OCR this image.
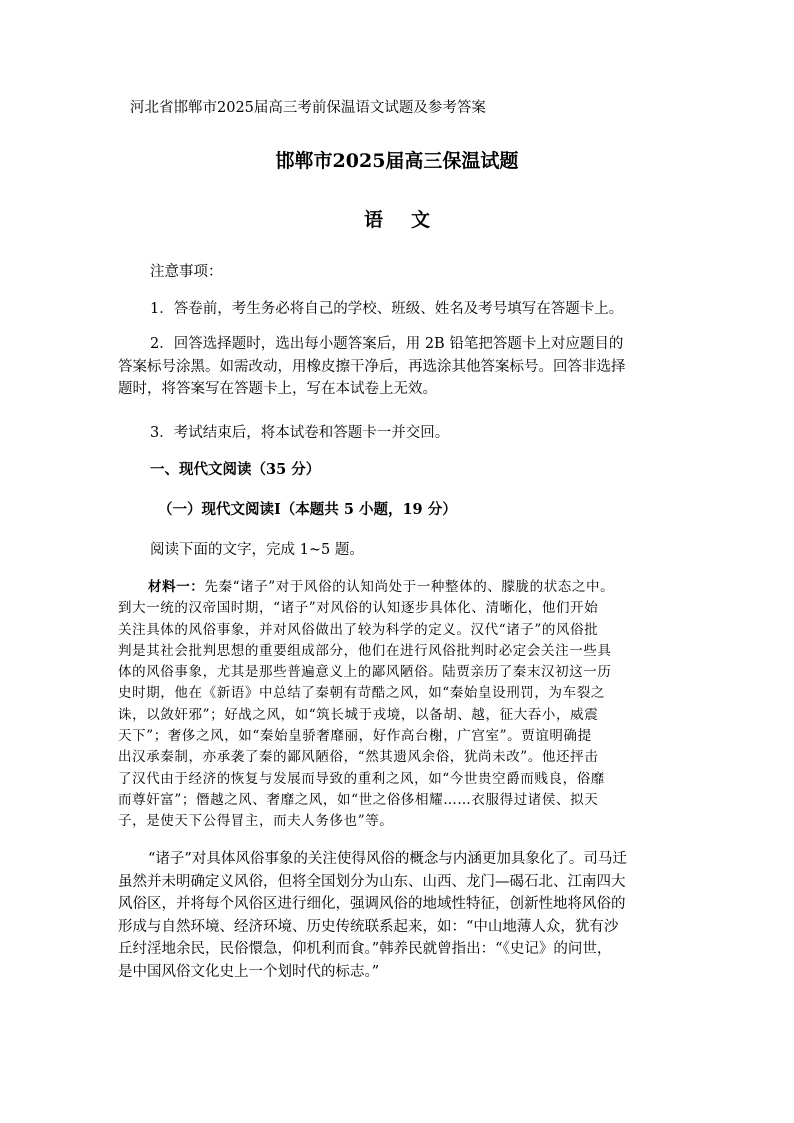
河北省邯郸市2025届高三考前保温语文试题及参考答案

邯郸市2025届高三保温试题

语文

注意事项：

1．答卷前，考生务必将自己的学校、班级、姓名及考号填写在答题卡上。

2．回答选择题时，选出每小题答案后，用 2B 铅笔把答题卡上对应题目的
答案标号涂黑。如需改动，用橡皮擦干净后，再选涂其他答案标号。回答非选择
题时，将答案写在答题卡上，写在本试卷上无效。

3．考试结束后，将本试卷和答题卡一并交回。

一、现代文阅读（35 分）

（一）现代文阅读Ⅰ（本题共 5 小题，19 分）

阅读下面的文字，完成 1~5 题。

材料一：先秦“诸子”对于风俗的认知尚处于一种整体的、朦胧的状态之中。
到大一统的汉帝国时期，“诸子”对风俗的认知逐步具体化、清晰化，他们开始
关注具体的风俗事象，并对风俗做出了较为科学的定义。汉代“诸子”的风俗批
判是其社会批判思想的重要组成部分，他们在进行风俗批判时必定会关注一些具
体的风俗事象，尤其是那些普遍意义上的鄙风陋俗。陆贾亲历了秦末汉初这一历
史时期，他在《新语》中总结了秦朝有苛酷之风，如“秦始皇设刑罚，为车裂之
诛，以敛奸邪”；好战之风，如“筑长城于戎境，以备胡、越，征大吞小，威震
天下”；奢侈之风，如“秦始皇骄奢靡丽，好作高台榭，广宫室”。贾谊明确提
出汉承秦制，亦承袭了秦的鄙风陋俗，“然其遗风余俗，犹尚未改”。他还抨击
了汉代由于经济的恢复与发展而导致的重利之风，如“今世贵空爵而贱良，俗靡
而尊奸富”；僭越之风、奢靡之风，如“世之俗侈相耀……衣服得过诸侯、拟天
子，是使天下公得冒主，而夫人务侈也”等。
“诸子”对具体风俗事象的关注使得风俗的概念与内涵更加具象化了。司马迁
虽然并未明确定义风俗，但将全国划分为山东、山西、龙门—碣石北、江南四大
风俗区，并将每个风俗区进行细化，强调风俗的地域性特征，创新性地将风俗的
形成与自然环境、经济环境、历史传统联系起来，如：“中山地薄人众，犹有沙
丘纣淫地余民，民俗懁急，仰机利而食。”韩养民就曾指出：“《史记》的问世，
是中国风俗文化史上一个划时代的标志。”
